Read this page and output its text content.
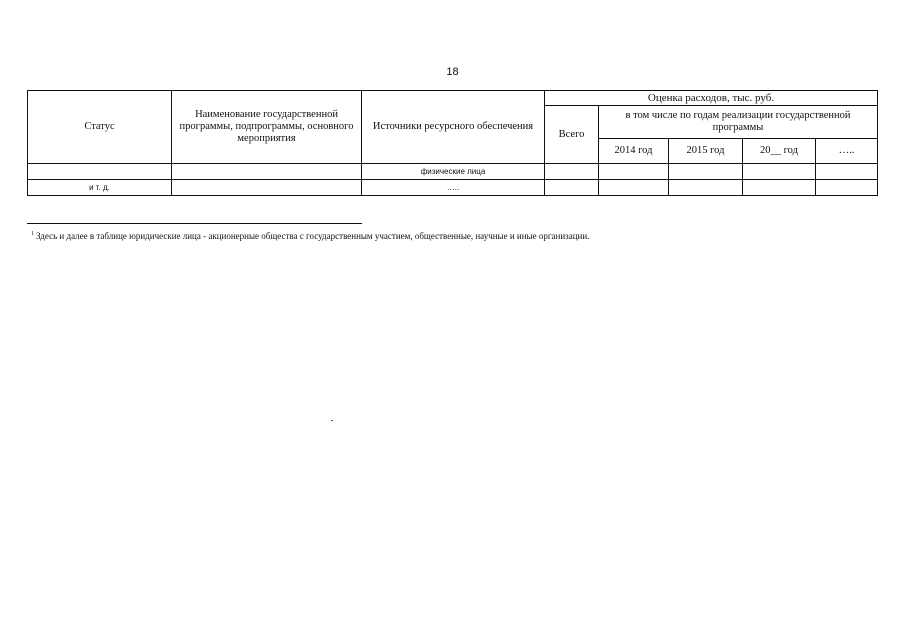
18
Статус	Наименование государственной программы, подпрограммы, основного мероприятия	Источники ресурсного обеспечения	Оценка расходов, тыс. руб.				
			Всего	в том числе по годам реализации государственной программы			
				2014 год	2015 год	20__ год	…..
		физические лица					
и т. д.		…..					
$^1$ Здесь и далее в таблице юридические лица - акционерные общества с государственным участием, общественные, научные и иные организации.
